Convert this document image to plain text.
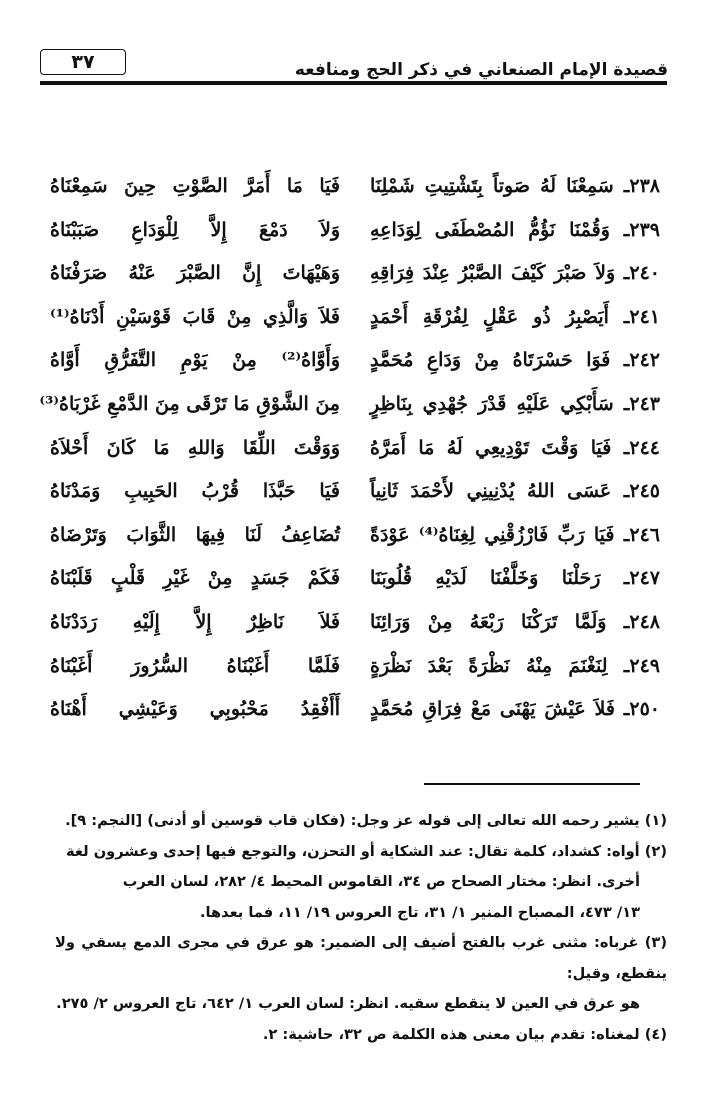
٣٧	قصيدة الإمام الصنعاني في ذكر الحج ومنافعه
٢٣٨ـ سَمِعْنَا لَهُ صَوتاً بِتَشْتِيتِ شَمْلِنَا
فَيَا مَا أَمَرَّ الصَّوْتِ حِينَ سَمِعْنَاهُ
٢٣٩ـ وَقُمْنَا نَؤُمُّ المُصْطَفَى لِوَدَاعِهِ
وَلاَ دَمْعَ إِلاَّ لِلْوَدَاعِ صَبَبْنَاهُ
٢٤٠ـ وَلاَ صَبْرَ كَيْفَ الصَّبْرُ عِنْدَ فِرَاقِهِ
وَهَيْهَاتَ إِنَّ الصَّبْرَ عَنْهُ صَرَفْنَاهُ
٢٤١ـ أَيَصْبِرُ ذُو عَقْلٍ لِفُرْقَةِ أَحْمَدٍ
فَلاَ وَالَّذِي مِنْ قَابَ قَوْسَيْنِ أَدْنَاهُ⁽¹⁾
٢٤٢ـ فَوَا حَسْرَتَاهُ مِنْ وَدَاعِ مُحَمَّدٍ
وَأَوَّاهُ⁽²⁾ مِنْ يَوْمِ التَّفَرُّقِ أَوَّاهُ
٢٤٣ـ سَأَبْكِي عَلَيْهِ قَدْرَ جُهْدِي بِنَاظِرٍ
مِنَ الشَّوْقِ مَا تَرْقَى مِنَ الدَّمْعِ غَرْبَاهُ⁽³⁾
٢٤٤ـ فَيَا وَقْتَ تَوْدِيعِي لَهُ مَا أَمَرَّهُ
وَوَقْتَ اللِّقَا وَاللهِ مَا كَانَ أَحْلاَهُ
٢٤٥ـ عَسَى اللهُ يُدْنِينِي لأَحْمَدَ ثَانِياً
فَيَا حَبَّذَا قُرْبُ الحَبِيبِ وَمَدْنَاهُ
٢٤٦ـ فَيَا رَبِّ فَارْزُقْنِي لِغِنَاهُ⁽⁴⁾ عَوْدَةً
تُضَاعِفُ لَنَا فِيهَا الثَّوَابَ وَتَرْضَاهُ
٢٤٧ـ رَحَلْنَا وَخَلَّفْنَا لَدَيْهِ قُلُوبَنَا
فَكَمْ جَسَدٍ مِنْ غَيْرِ قَلْبٍ قَلَبْنَاهُ
٢٤٨ـ وَلَمَّا تَرَكْنَا رَبْعَهُ مِنْ وَرَائِنَا
فَلاَ نَاظِرٌ إِلاَّ إِلَيْهِ رَدَدْنَاهُ
٢٤٩ـ لِنَغْنَمَ مِنْهُ نَظْرَةً بَعْدَ نَظْرَةٍ
فَلَمَّا أَغَبْنَاهُ السُّرُورَ أَغَبْنَاهُ
٢٥٠ـ فَلاَ عَيْشَ يَهْنَى مَعْ فِرَاقِ مُحَمَّدٍ
أَأَفْقِدُ مَحْبُوبِي وَعَيْشِي أَهْنَاهُ

(١) يشير رحمه الله تعالى إلى قوله عز وجل: (فكان قاب قوسين أو أدنى) [النجم: ٩].

(٢) أواه: كشداد، كلمة تقال: عند الشكاية أو التحزن، والتوجع فيها إحدى وعشرون لغة

أخرى. انظر: مختار الصحاح ص ٣٤، القاموس المحيط ٤/ ٢٨٢، لسان العرب

١٣/ ٤٧٣، المصباح المنير ١/ ٣١، تاج العروس ١٩/ ١١، فما بعدها.

(٣) غرباه: مثنى غرب بالفتح أضيف إلى الضمير: هو عرق في مجرى الدمع يسقي ولا ينقطع، وقيل:

هو عرق في العين لا ينقطع سقيه. انظر: لسان العرب ١/ ٦٤٢، تاج العروس ٢/ ٢٧٥.

(٤) لمغناه: تقدم بيان معنى هذه الكلمة ص ٣٢، حاشية: ٢.
